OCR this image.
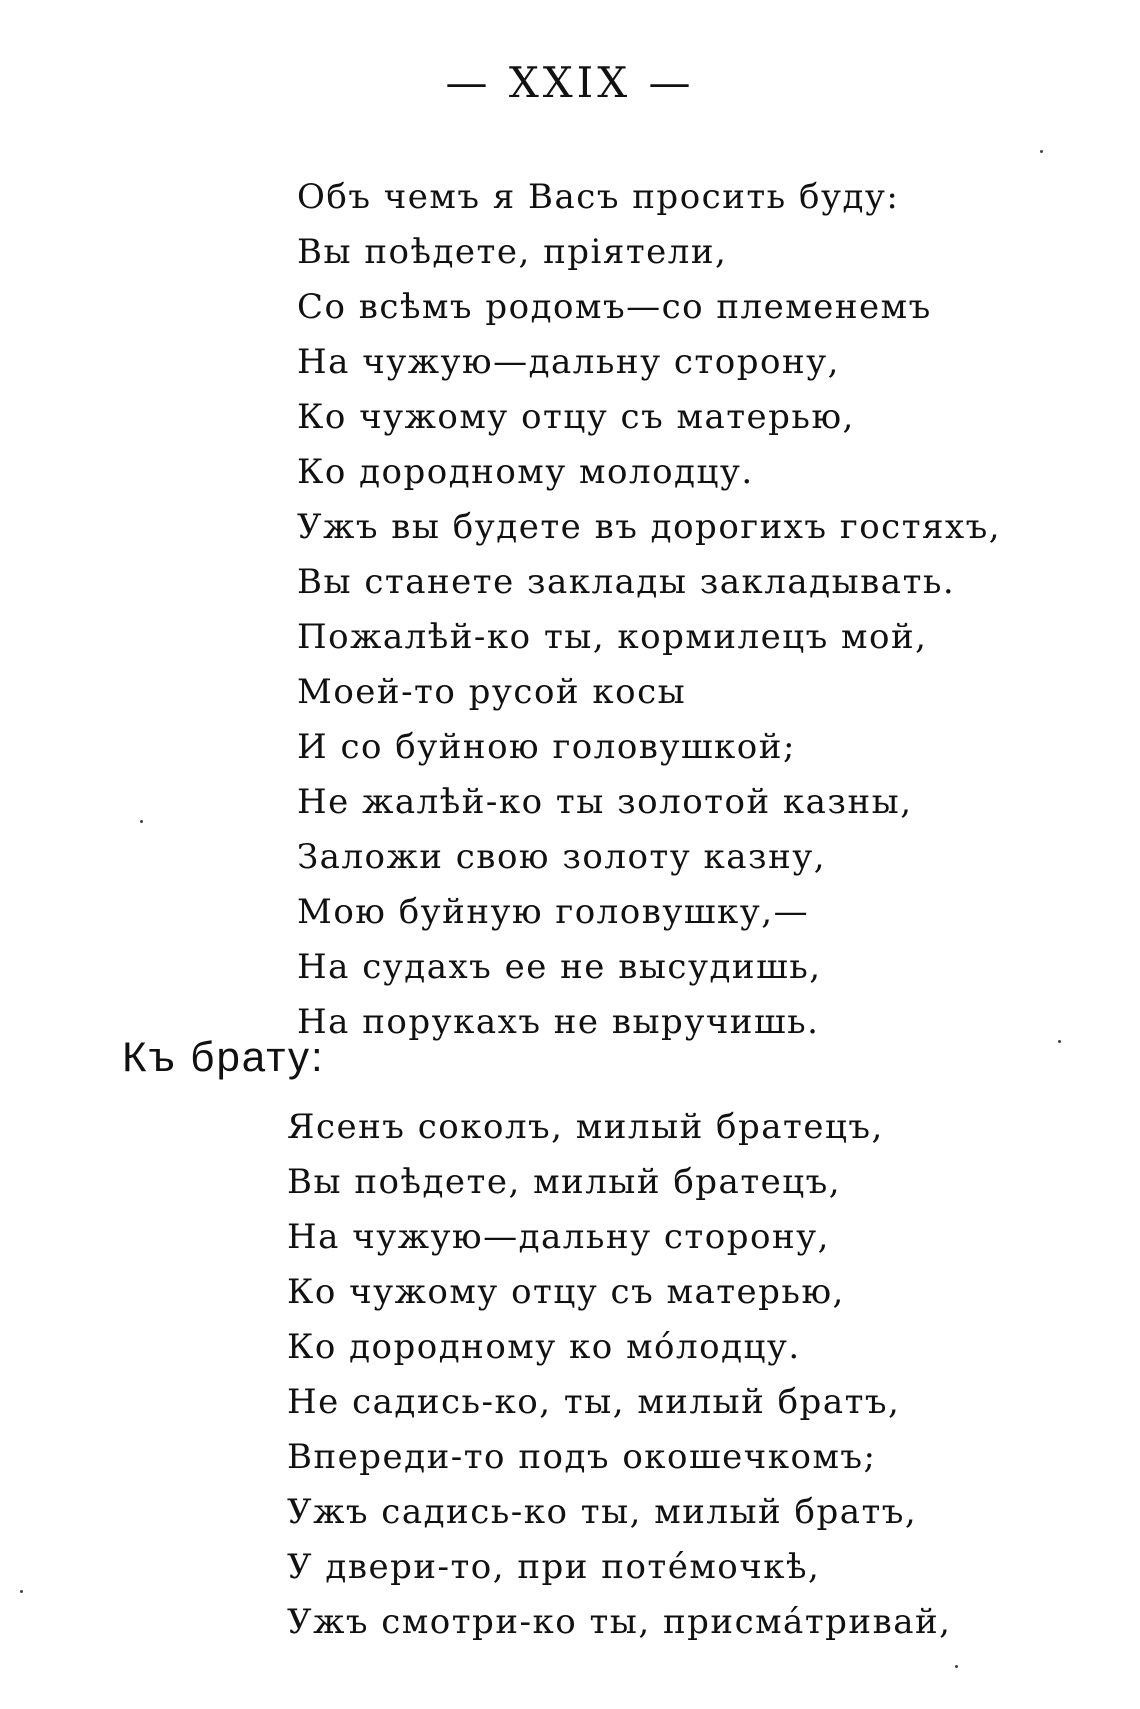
— XXIX —
Объ чемъ я Васъ просить буду:
Вы поѣдете, пріятели,
Со всѣмъ родомъ—со племенемъ
На чужую—дальну сторону,
Ко чужому отцу съ матерью,
Ко дородному молодцу.
Ужъ вы будете въ дорогихъ гостяхъ,
Вы станете заклады закладывать.
Пожалѣй-ко ты, кормилецъ мой,
Моей-то русой косы
И со буйною головушкой;
Не жалѣй-ко ты золотой казны,
Заложи свою золоту казну,
Мою буйную головушку,—
На судахъ ее не высудишь,
На порукахъ не выручишь.
Къ брату:
Ясенъ соколъ, милый братецъ,
Вы поѣдете, милый братецъ,
На чужую—дальну сторону,
Ко чужому отцу съ матерью,
Ко дородному ко мóлодцу.
Не садись-ко, ты, милый братъ,
Впереди-то подъ окошечкомъ;
Ужъ садись-ко ты, милый братъ,
У двери-то, при потéмочкѣ,
Ужъ смотри-ко ты, присмáтривай,
